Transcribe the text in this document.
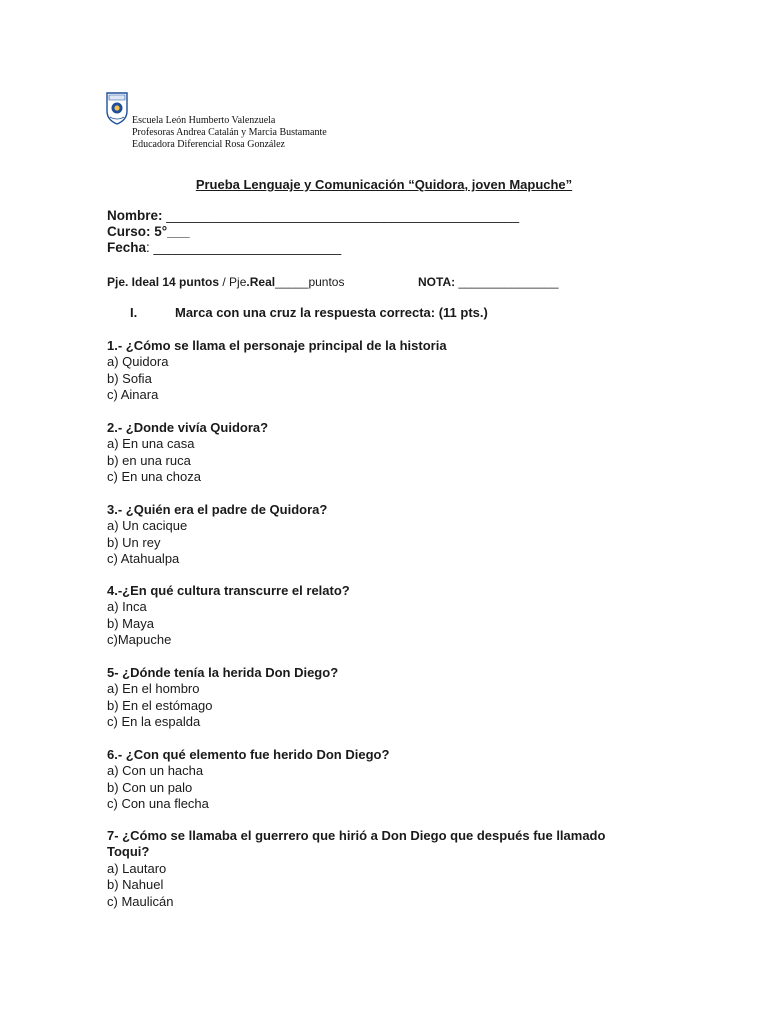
Escuela León Humberto Valenzuela
Profesoras Andrea Catalán y Marcia Bustamante
Educadora Diferencial Rosa González
Prueba Lenguaje y Comunicación “Quidora, joven Mapuche”
Nombre: _______________________________________________
Curso: 5°___
Fecha: _________________________
Pje. Ideal 14 puntos / Pje.Real_____puntos	NOTA: _______________
I.	Marca con una cruz la respuesta correcta: (11 pts.)
1.- ¿Cómo se llama el personaje principal de la historia
a) Quidora
b) Sofia
c) Ainara
2.- ¿Donde vivía Quidora?
a) En una casa
b) en una ruca
c) En una choza
3.- ¿Quién era el padre de Quidora?
a) Un cacique
b) Un rey
c) Atahualpa
4.-¿En qué cultura transcurre el relato?
a) Inca
b) Maya
c)Mapuche
5- ¿Dónde tenía la herida Don Diego?
a) En el hombro
b) En el estómago
c) En la espalda
6.- ¿Con qué elemento fue herido Don Diego?
a) Con un hacha
b) Con un palo
c) Con una flecha
7- ¿Cómo se llamaba el guerrero que hirió a Don Diego que después fue llamado Toqui?
a) Lautaro
b) Nahuel
c) Maulicán
